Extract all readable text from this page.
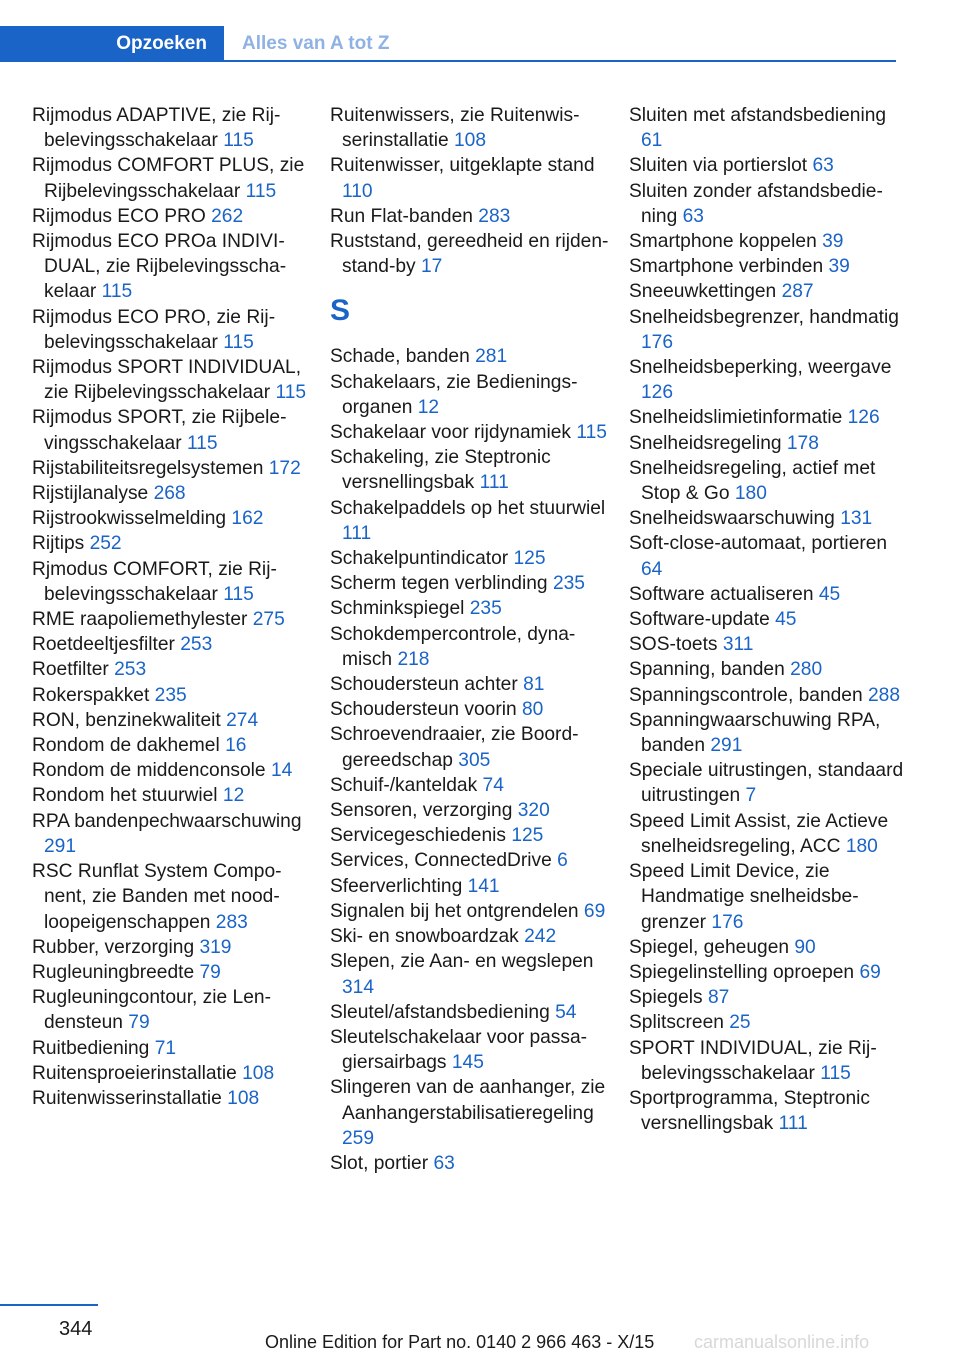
Opzoeken	Alles van A tot Z
Rijmodus ADAPTIVE, zie Rijbelevingsschakelaar 115
Rijmodus COMFORT PLUS, zie Rijbelevingsschakelaar 115
Rijmodus ECO PRO 262
Rijmodus ECO PROa INDIVIDUAL, zie Rijbelevingsschakelaar 115
Rijmodus ECO PRO, zie Rijbelevingsschakelaar 115
Rijmodus SPORT INDIVIDUAL, zie Rijbelevingsschakelaar 115
Rijmodus SPORT, zie Rijbelevingsschakelaar 115
Rijstabiliteitsregelsystemen 172
Rijstijlanalyse 268
Rijstrookwisselmelding 162
Rijtips 252
Rjmodus COMFORT, zie Rijbelevingsschakelaar 115
RME raapoliemethylester 275
Roetdeeltjesfilter 253
Roetfilter 253
Rokerspakket 235
RON, benzinekwaliteit 274
Rondom de dakhemel 16
Rondom de middenconsole 14
Rondom het stuurwiel 12
RPA bandenpechwaarschuwing 291
RSC Runflat System Component, zie Banden met noodloopeigenschappen 283
Rubber, verzorging 319
Rugleuningbreedte 79
Rugleuningcontour, zie Lendensteun 79
Ruitbediening 71
Ruitensproeierinstallatie 108
Ruitenwisserinstallatie 108
Ruitenwissers, zie Ruitenwisserinstallatie 108
Ruitenwisser, uitgeklapte stand 110
Run Flat-banden 283
Ruststand, gereedheid en rijden-stand-by 17
S
Schade, banden 281
Schakelaars, zie Bedieningsorganen 12
Schakelaar voor rijdynamiek 115
Schakeling, zie Steptronic versnellingsbak 111
Schakelpaddels op het stuurwiel 111
Schakelpuntindicator 125
Scherm tegen verblinding 235
Schminkspiegel 235
Schokdempercontrole, dynamisch 218
Schoudersteun achter 81
Schoudersteun voorin 80
Schroevendraaier, zie Boordgereedschap 305
Schuif-/kanteldak 74
Sensoren, verzorging 320
Servicegeschiedenis 125
Services, ConnectedDrive 6
Sfeerverlichting 141
Signalen bij het ontgrendelen 69
Ski- en snowboardzak 242
Slepen, zie Aan- en wegslepen 314
Sleutel/afstandsbediening 54
Sleutelschakelaar voor passagiersairbags 145
Slingeren van de aanhanger, zie Aanhangerstabilisatieregeling 259
Slot, portier 63
Sluiten met afstandsbediening 61
Sluiten via portierslot 63
Sluiten zonder afstandsbediening 63
Smartphone koppelen 39
Smartphone verbinden 39
Sneeuwkettingen 287
Snelheidsbegrenzer, handmatig 176
Snelheidsbeperking, weergave 126
Snelheidslimietinformatie 126
Snelheidsregeling 178
Snelheidsregeling, actief met Stop & Go 180
Snelheidswaarschuwing 131
Soft-close-automaat, portieren 64
Software actualiseren 45
Software-update 45
SOS-toets 311
Spanning, banden 280
Spanningscontrole, banden 288
Spanningwaarschuwing RPA, banden 291
Speciale uitrustingen, standaard uitrustingen 7
Speed Limit Assist, zie Actieve snelheidsregeling, ACC 180
Speed Limit Device, zie Handmatige snelheidsbegrenzer 176
Spiegel, geheugen 90
Spiegelinstelling oproepen 69
Spiegels 87
Splitscreen 25
SPORT INDIVIDUAL, zie Rijbelevingsschakelaar 115
Sportprogramma, Steptronic versnellingsbak 111
344
Online Edition for Part no. 0140 2 966 463 - X/15 carmanualsonline.info
